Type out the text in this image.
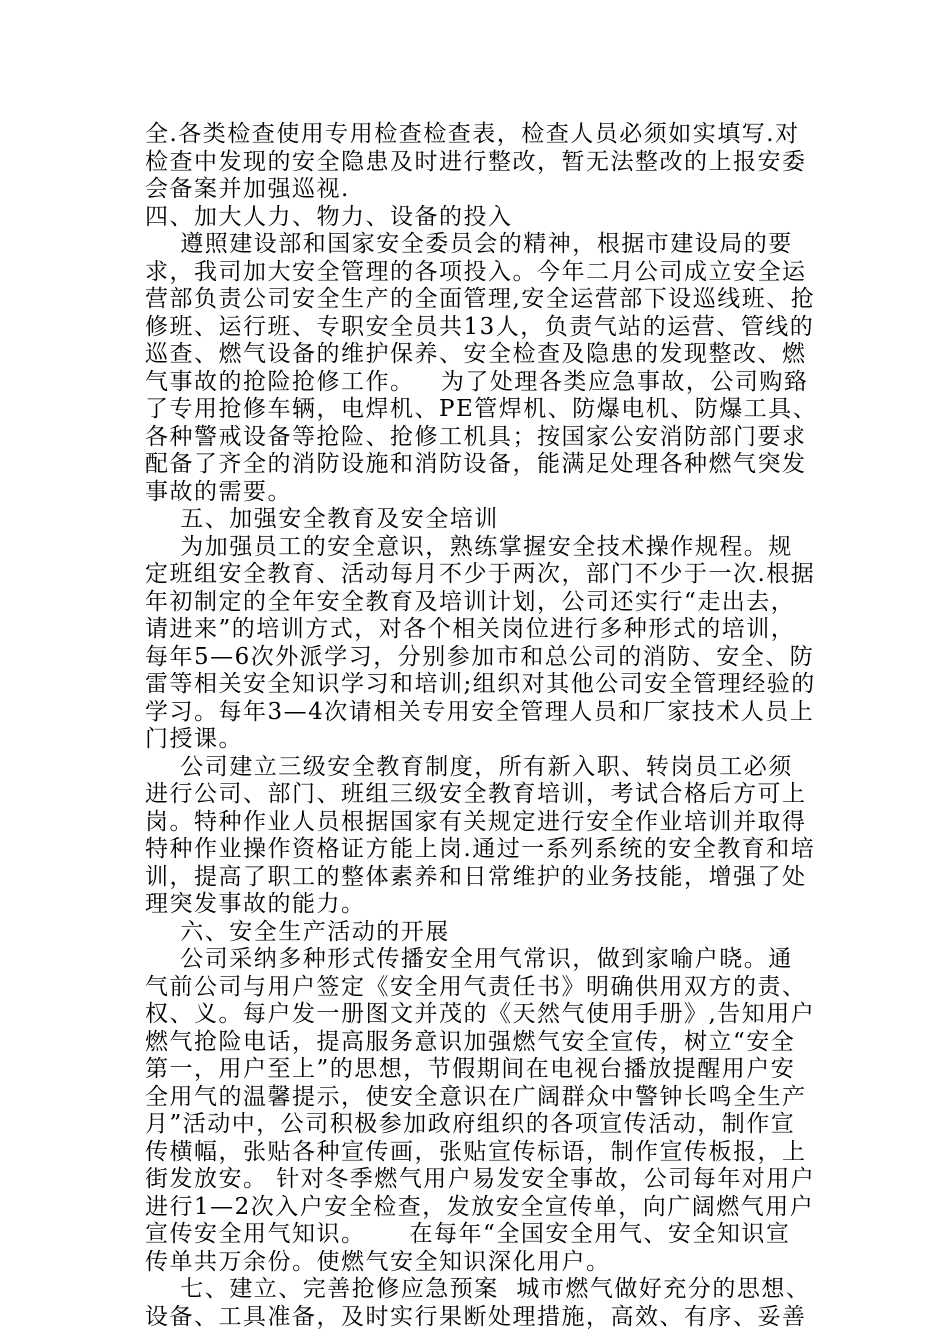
全.各类检查使用专用检查检查表，检查人员必须如实填写.对
检查中发现的安全隐患及时进行整改，暂无法整改的上报安委
会备案并加强巡视.
四、加大人力、物力、设备的投入
遵照建设部和国家安全委员会的精神，根据市建设局的要
求，我司加大安全管理的各项投入。今年二月公司成立安全运
营部负责公司安全生产的全面管理,安全运营部下设巡线班、抢
修班、运行班、专职安全员共13人，负责气站的运营、管线的
巡查、燃气设备的维护保养、安全检查及隐患的发现整改、燃
气事故的抢险抢修工作。   为了处理各类应急事故，公司购臵
了专用抢修车辆，电焊机、PE管焊机、防爆电机、防爆工具、
各种警戒设备等抢险、抢修工机具；按国家公安消防部门要求
配备了齐全的消防设施和消防设备，能满足处理各种燃气突发
事故的需要。
五、加强安全教育及安全培训
为加强员工的安全意识，熟练掌握安全技术操作规程。规
定班组安全教育、活动每月不少于两次，部门不少于一次.根据
年初制定的全年安全教育及培训计划，公司还实行“走出去，
请进来”的培训方式，对各个相关岗位进行多种形式的培训，
每年5—6次外派学习，分别参加市和总公司的消防、安全、防
雷等相关安全知识学习和培训;组织对其他公司安全管理经验的
学习。每年3—4次请相关专用安全管理人员和厂家技术人员上
门授课。
公司建立三级安全教育制度，所有新入职、转岗员工必须
进行公司、部门、班组三级安全教育培训，考试合格后方可上
岗。特种作业人员根据国家有关规定进行安全作业培训并取得
特种作业操作资格证方能上岗.通过一系列系统的安全教育和培
训，提高了职工的整体素养和日常维护的业务技能，增强了处
理突发事故的能力。
六、安全生产活动的开展
公司采纳多种形式传播安全用气常识，做到家喻户晓。通
气前公司与用户签定《安全用气责任书》明确供用双方的责、
权、义。每户发一册图文并茂的《天然气使用手册》,告知用户
燃气抢险电话，提高服务意识加强燃气安全宣传，树立“安全
第一，用户至上”的思想，节假期间在电视台播放提醒用户安
全用气的温馨提示，使安全意识在广阔群众中警钟长鸣全生产
月”活动中，公司积极参加政府组织的各项宣传活动，制作宣
传横幅，张贴各种宣传画，张贴宣传标语，制作宣传板报，上
街发放安。 针对冬季燃气用户易发安全事故，公司每年对用户
进行1—2次入户安全检查，发放安全宣传单，向广阔燃气用户
宣传安全用气知识。     在每年“全国安全用气、安全知识宣
传单共万余份。使燃气安全知识深化用户。
七、建立、完善抢修应急预案  城市燃气做好充分的思想、
设备、工具准备，及时实行果断处理措施，高效、有序、妥善
